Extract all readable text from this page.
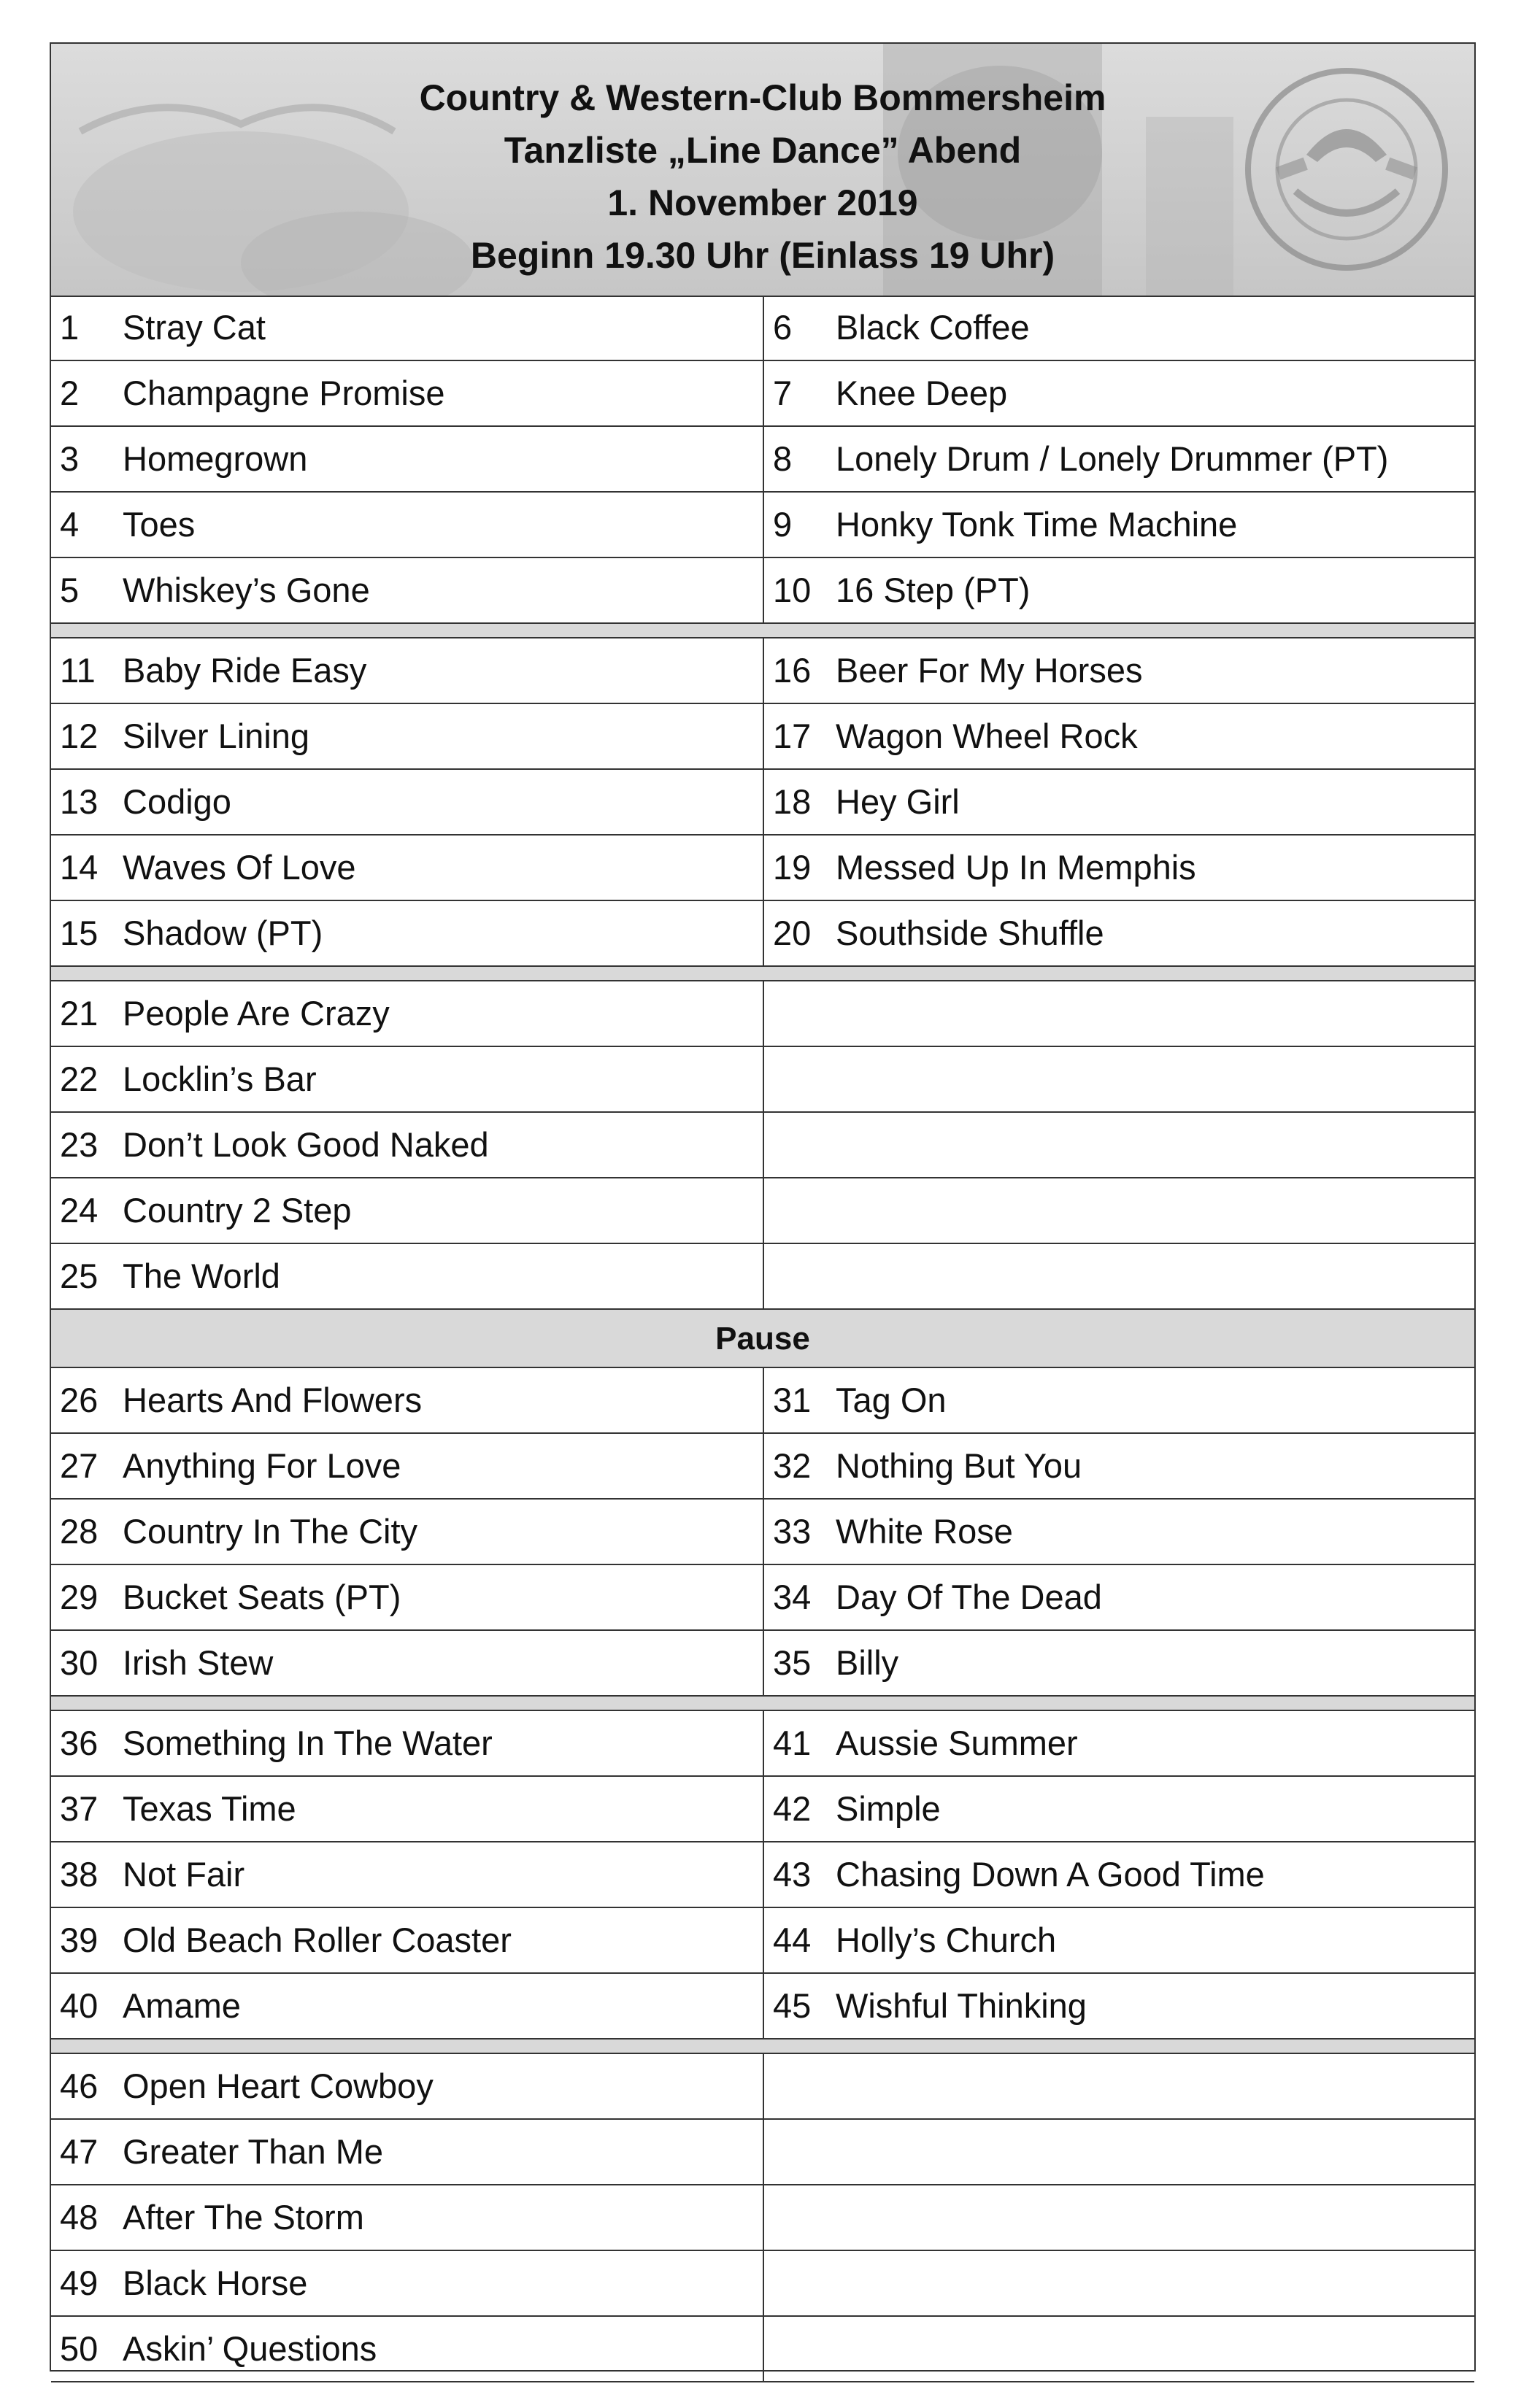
Country & Western-Club Bommersheim
Tanzliste „Line Dance” Abend
1. November 2019
Beginn 19.30 Uhr (Einlass 19 Uhr)
1 Stray Cat	6 Black Coffee
2 Champagne Promise	7 Knee Deep
3 Homegrown	8 Lonely Drum / Lonely Drummer (PT)
4 Toes	9 Honky Tonk Time Machine
5 Whiskey’s Gone	10 16 Step (PT)
11 Baby Ride Easy	16 Beer For My Horses
12 Silver Lining	17 Wagon Wheel Rock
13 Codigo	18 Hey Girl
14 Waves Of Love	19 Messed Up In Memphis
15 Shadow (PT)	20 Southside Shuffle
21 People Are Crazy
22 Locklin’s Bar
23 Don’t Look Good Naked
24 Country 2 Step
25 The World
Pause
26 Hearts And Flowers	31 Tag On
27 Anything For Love	32 Nothing But You
28 Country In The City	33 White Rose
29 Bucket Seats (PT)	34 Day Of The Dead
30 Irish Stew	35 Billy
36 Something In The Water	41 Aussie Summer
37 Texas Time	42 Simple
38 Not Fair	43 Chasing Down A Good Time
39 Old Beach Roller Coaster	44 Holly’s Church
40 Amame	45 Wishful Thinking
46 Open Heart Cowboy
47 Greater Than Me
48 After The Storm
49 Black Horse
50 Askin’ Questions
